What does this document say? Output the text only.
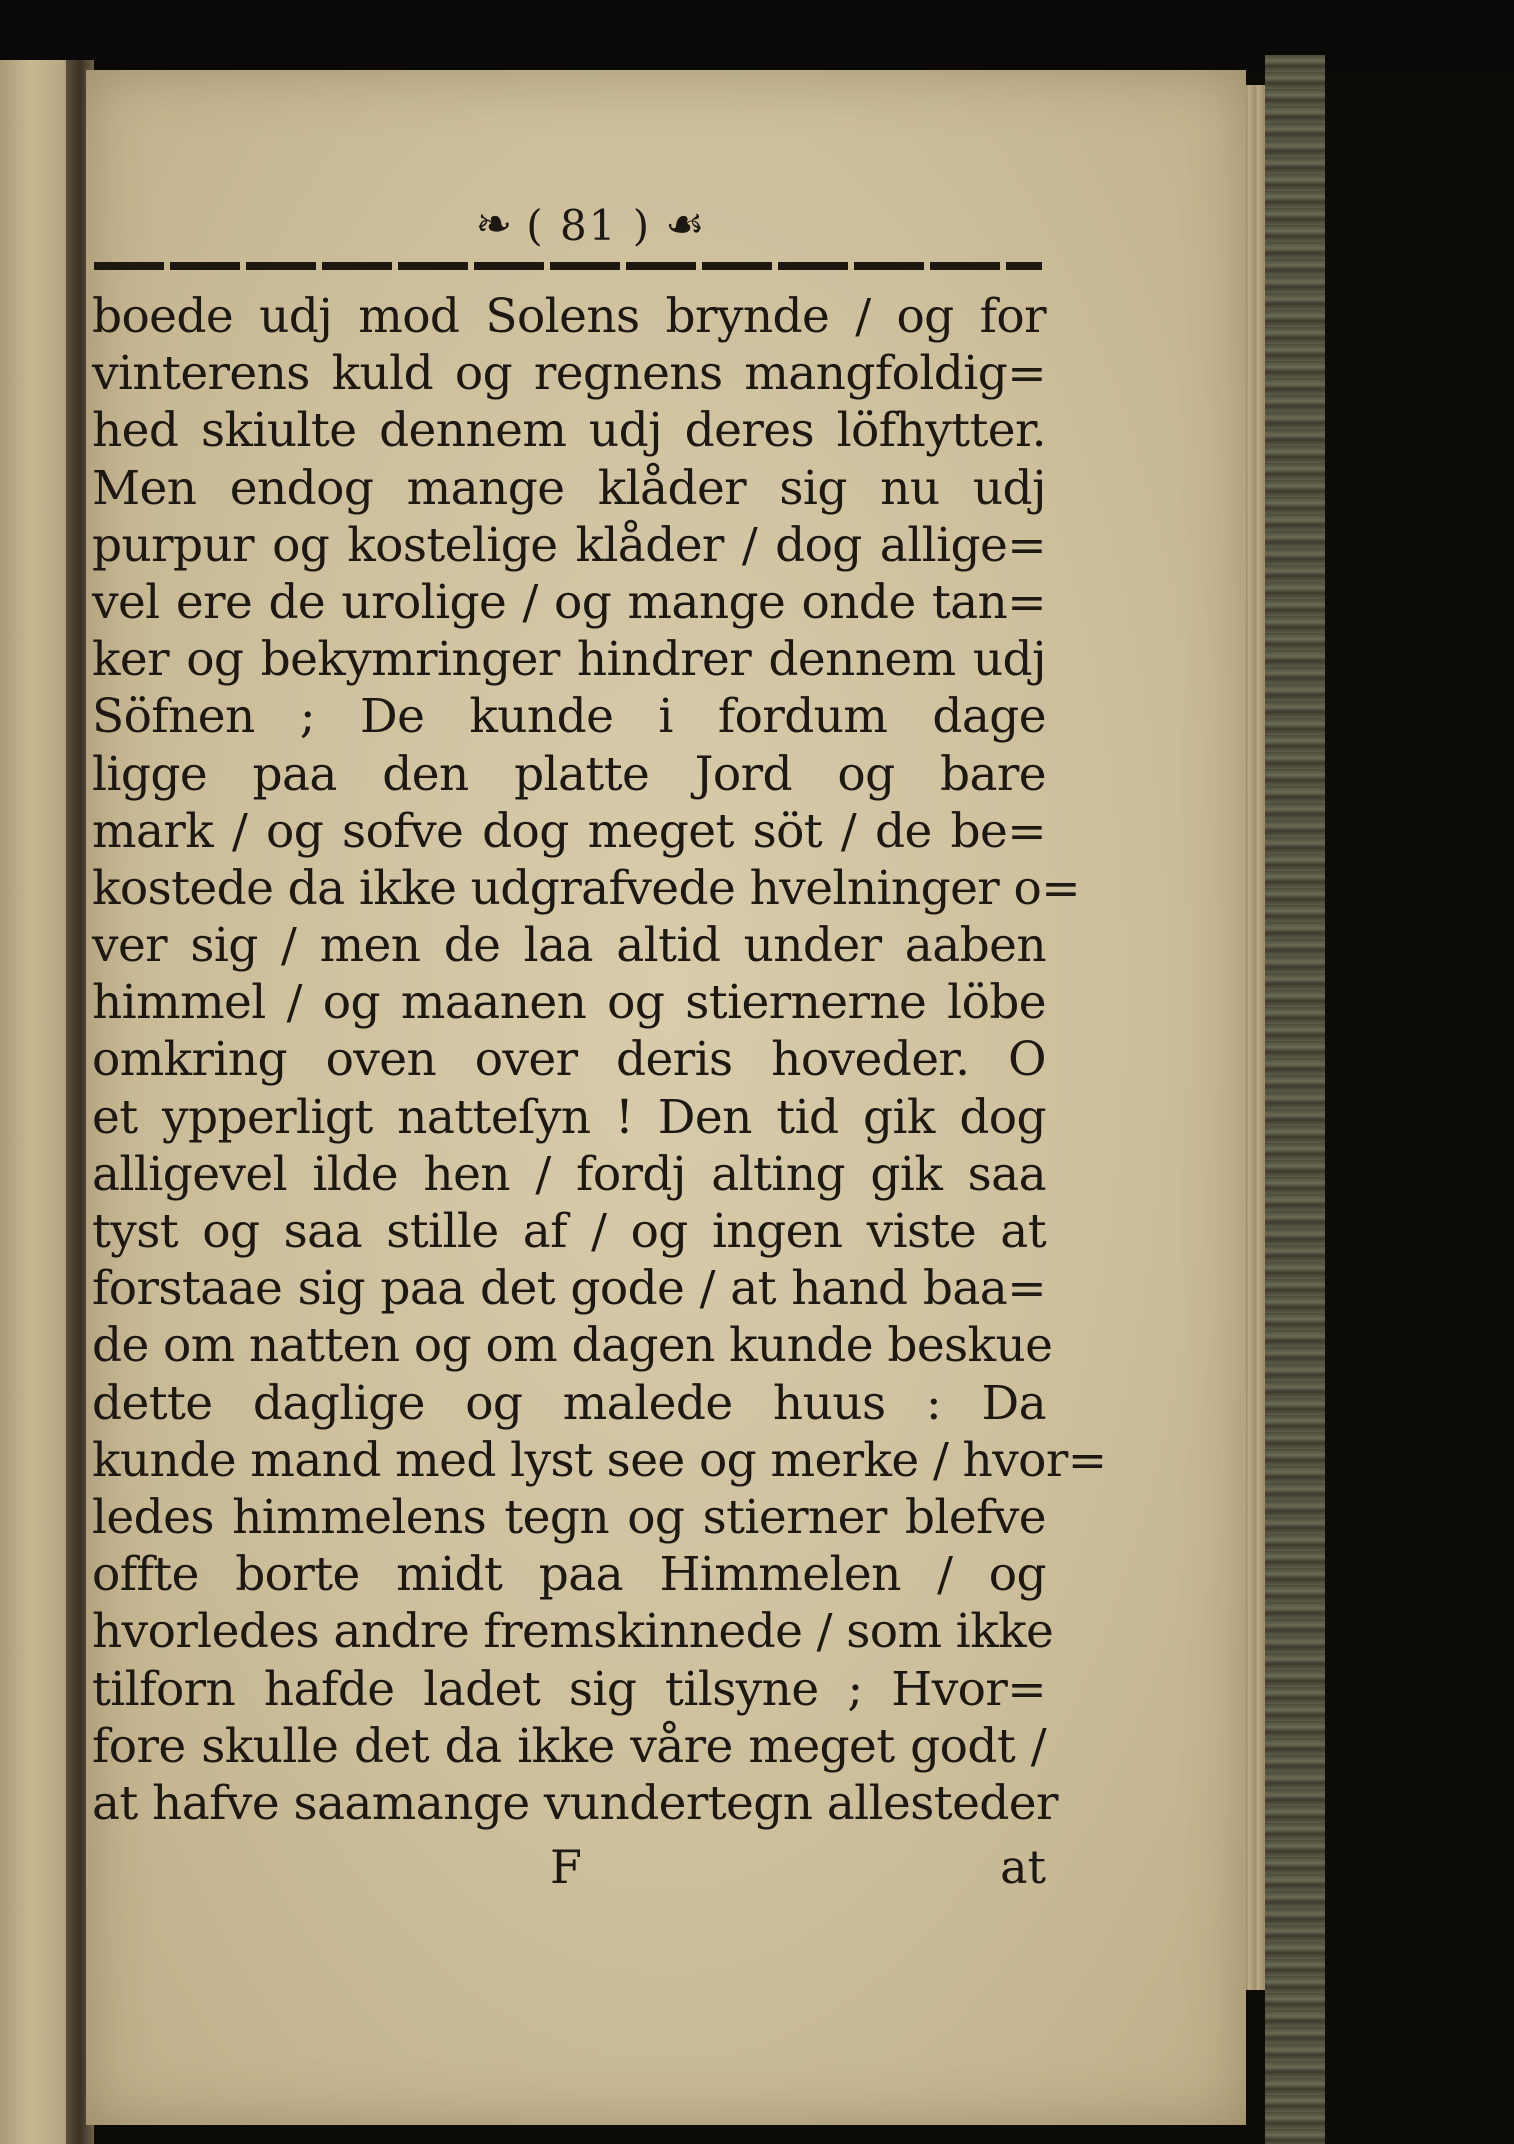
❧ ( 81 ) ☙
boede udj mod Solens brynde / og for
vinterens kuld og regnens mangfoldig=
hed skiulte dennem udj deres löfhytter.
Men endog mange klåder sig nu udj
purpur og kostelige klåder / dog allige=
vel ere de urolige / og mange onde tan=
ker og bekymringer hindrer dennem udj
Söfnen ; De kunde i fordum dage
ligge paa den platte Jord og bare
mark / og sofve dog meget söt / de be=
kostede da ikke udgrafvede hvelninger o=
ver sig / men de laa altid under aaben
himmel / og maanen og stiernerne löbe
omkring oven over deris hoveder. O
et ypperligt natteſyn ! Den tid gik dog
alligevel ilde hen / fordj alting gik saa
tyst og saa stille af / og ingen viste at
forstaae sig paa det gode / at hand baa=
de om natten og om dagen kunde beskue
dette daglige og malede huus : Da
kunde mand med lyst see og merke / hvor=
ledes himmelens tegn og stierner blefve
offte borte midt paa Himmelen / og
hvorledes andre fremskinnede / som ikke
tilforn hafde ladet sig tilsyne ; Hvor=
fore skulle det da ikke våre meget godt /
at hafve saamange vundertegn allesteder
F	at
